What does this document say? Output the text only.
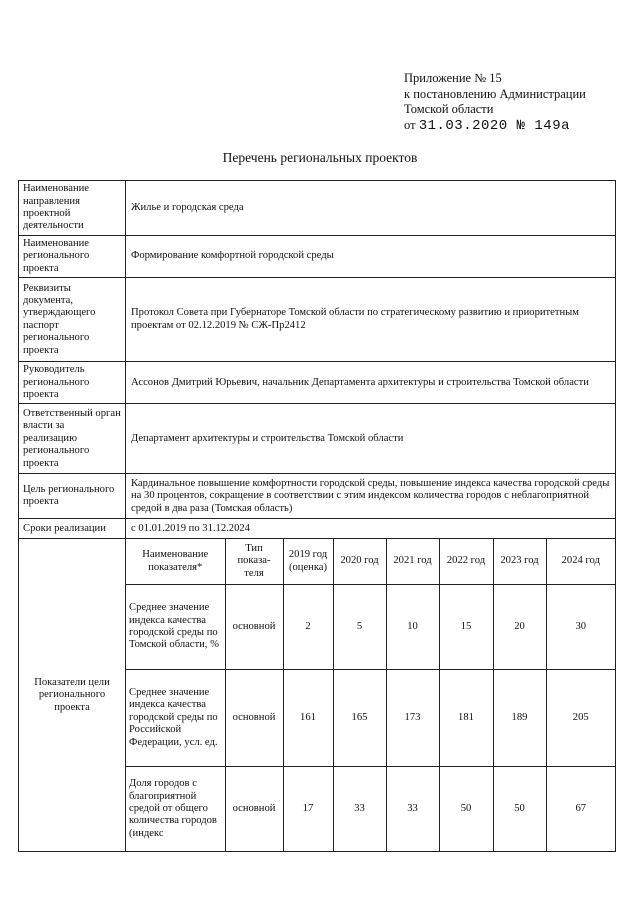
Приложение № 15
к постановлению Администрации
Томской области
от 31.03.2020 № 149а
Перечень региональных проектов
Наименование направления проектной деятельности	Жилье и городская среда
Наименование регионального проекта	Формирование комфортной городской среды
Реквизиты документа, утверждающего паспорт регионального проекта	Протокол Совета при Губернаторе Томской области по стратегическому развитию и приоритетным проектам от 02.12.2019 № СЖ-Пр2412
Руководитель регионального проекта	Ассонов Дмитрий Юрьевич, начальник Департамента архитектуры и строительства Томской области
Ответственный орган власти за реализацию регионального проекта	Департамент архитектуры и строительства Томской области
Цель регионального проекта	Кардинальное повышение комфортности городской среды, повышение индекса качества городской среды на 30 процентов, сокращение в соответствии с этим индексом количества городов с неблагоприятной средой в два раза (Томская область)
Сроки реализации	с 01.01.2019 по 31.12.2024
Показатели цели регионального проекта	
Наименование показателя*	Тип показа-теля	2019 год (оценка)	2020 год	2021 год	2022 год	2023 год	2024 год
Среднее значение индекса качества городской среды по Томской области, %	основной	2	5	10	15	20	30
Среднее значение индекса качества городской среды по Российской Федерации, усл. ед.	основной	161	165	173	181	189	205
Доля городов с благоприятной средой от общего количества городов (индекс	основной	17	33	33	50	50	67
